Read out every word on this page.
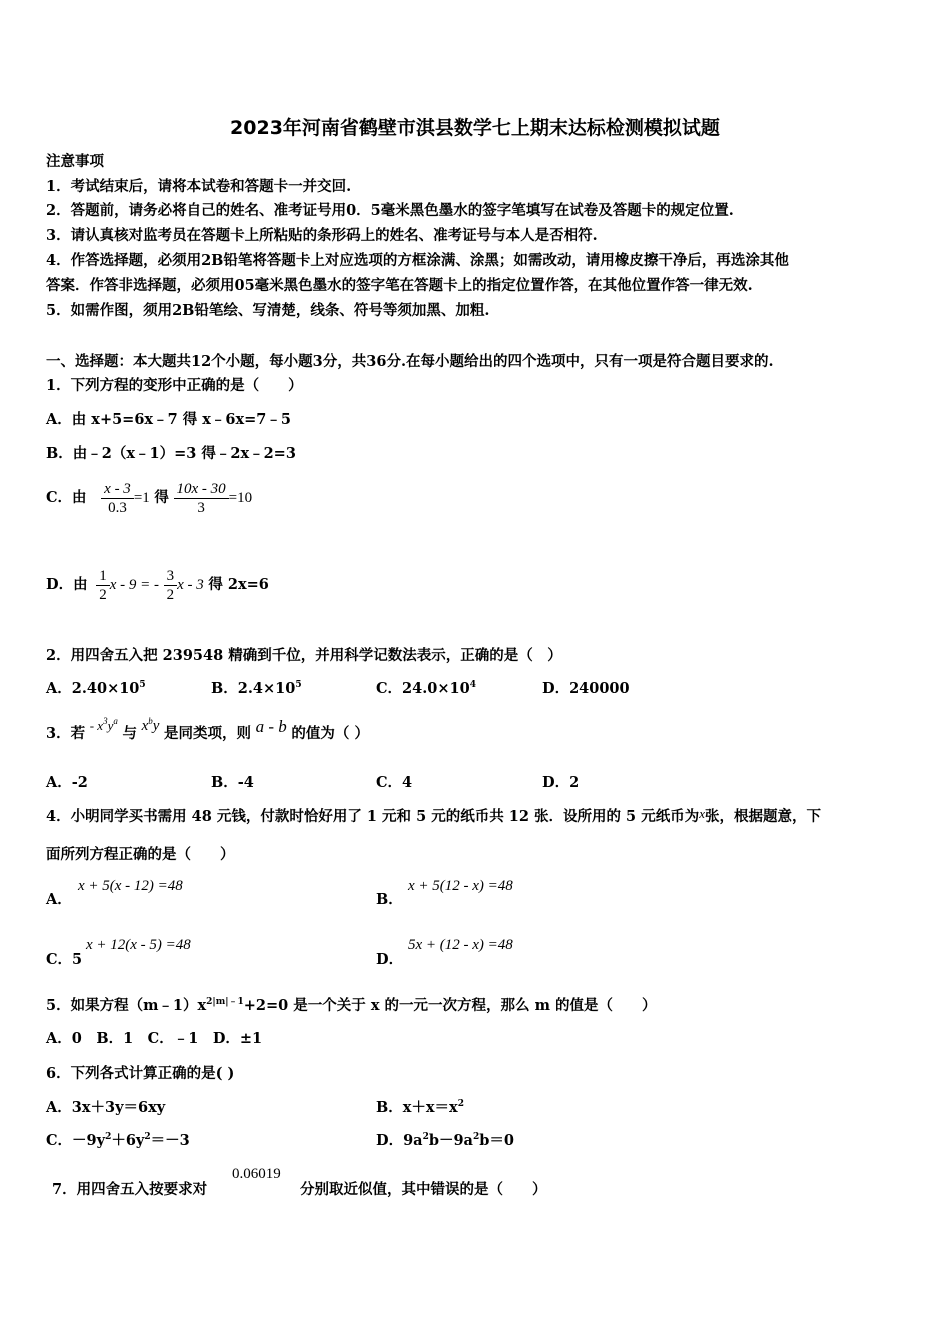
2023年河南省鹤壁市淇县数学七上期末达标检测模拟试题
注意事项
1．考试结束后，请将本试卷和答题卡一并交回.
2．答题前，请务必将自己的姓名、准考证号用0．5毫米黑色墨水的签字笔填写在试卷及答题卡的规定位置.
3．请认真核对监考员在答题卡上所粘贴的条形码上的姓名、准考证号与本人是否相符.
4．作答选择题，必须用2B铅笔将答题卡上对应选项的方框涂满、涂黑；如需改动，请用橡皮擦干净后，再选涂其他
答案．作答非选择题，必须用05毫米黑色墨水的签字笔在答题卡上的指定位置作答，在其他位置作答一律无效.
5．如需作图，须用2B铅笔绘、写清楚，线条、符号等须加黑、加粗.
一、选择题：本大题共12个小题，每小题3分，共36分.在每小题给出的四个选项中，只有一项是符合题目要求的.
1．下列方程的变形中正确的是（　　）
A．由 x+5=6x﹣7 得 x﹣6x=7﹣5
B．由﹣2（x﹣1）=3 得﹣2x﹣2=3
C．由 $\frac{x - 3}{0.3} =1$ 得 $\frac{10x - 30}{3} =10$
D．由 $\frac{1}{2}$ x - 9 = - $\frac{3}{2}$ x - 3 得 2x=6
2．用四舍五入把 239548 精确到千位，并用科学记数法表示，正确的是（　）
A．$2.40\times 10^5$	B．$2.4\times 10^5$	C．$24.0\times 10^4$	D．240000
3．若 - $x^3y^a$ 与 $x^by$ 是同类项，则 a - b 的值为（ ）
A．-2	B．-4	C．4	D．2
4．小明同学买书需用 48 元钱，付款时恰好用了 1 元和 5 元的纸币共 12 张．设所用的 5 元纸币为x张，根据题意，下
面所列方程正确的是（　　）
A．
x + 5(x - 12) =48
B．
x + 5(12 - x) =48
C．5
x + 12(x - 5) =48
D．
5x + (12 - x) =48
5．如果方程$(m﹣1)x^{2|m|﹣1}+2=0$ 是一个关于 x 的一元一次方程，那么 m 的值是（　　）
A．0　B．1　C．﹣1　D．±1
6．下列各式计算正确的是( )
A．3x＋3y＝6xy	B．$x+x=x^2$
C．$-9y^2+6y^2=-3$	D．$9a^2b-9a^2b=0$
7．用四舍五入按要求对
0.06019
分别取近似值，其中错误的是（　　）
